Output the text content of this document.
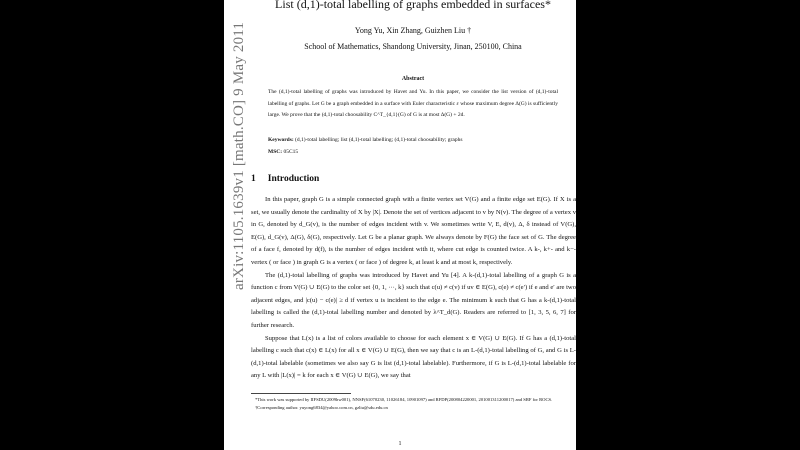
arXiv:1105.1639v1 [math.CO] 9 May 2011
List (d,1)-total labelling of graphs embedded in surfaces*
Yong Yu, Xin Zhang, Guizhen Liu †
School of Mathematics, Shandong University, Jinan, 250100, China
Abstract
The (d,1)-total labelling of graphs was introduced by Havet and Yu. In this paper, we consider the list version of (d,1)-total labelling of graphs. Let G be a graph embedded in a surface with Euler characteristic ε whose maximum degree Δ(G) is sufficiently large. We prove that the (d,1)-total choosability C^T_{d,1}(G) of G is at most Δ(G) + 2d.
Keywords: (d,1)-total labelling; list (d,1)-total labelling; (d,1)-total choosability; graphs
MSC: 05C15
1 Introduction

In this paper, graph G is a simple connected graph with a finite vertex set V(G) and a finite edge set E(G). If X is a set, we usually denote the cardinality of X by |X|. Denote the set of vertices adjacent to v by N(v). The degree of a vertex v in G, denoted by d_G(v), is the number of edges incident with v. We sometimes write V, E, d(v), Δ, δ instead of V(G), E(G), d_G(v), Δ(G), δ(G), respectively. Let G be a planar graph. We always denote by F(G) the face set of G. The degree of a face f, denoted by d(f), is the number of edges incident with it, where cut edge is counted twice. A k-, k+- and k−-vertex ( or face ) in graph G is a vertex ( or face ) of degree k, at least k and at most k, respectively.

The (d,1)-total labelling of graphs was introduced by Havet and Yu [4]. A k-(d,1)-total labelling of a graph G is a function c from V(G) ∪ E(G) to the color set {0, 1, ···, k} such that c(u) ≠ c(v) if uv ∈ E(G), c(e) ≠ c(e′) if e and e′ are two adjacent edges, and |c(u) − c(e)| ≥ d if vertex u is incident to the edge e. The minimum k such that G has a k-(d,1)-total labelling is called the (d,1)-total labelling number and denoted by λ^T_d(G). Readers are referred to [1, 3, 5, 6, 7] for further research.

Suppose that L(x) is a list of colors available to choose for each element x ∈ V(G) ∪ E(G). If G has a (d,1)-total labelling c such that c(x) ∈ L(x) for all x ∈ V(G) ∪ E(G), then we say that c is an L-(d,1)-total labelling of G, and G is L-(d,1)-total labelable (sometimes we also say G is list (d,1)-total labelable). Furthermore, if G is L-(d,1)-total labelable for any L with |L(x)| = k for each x ∈ V(G) ∪ E(G), we say that

*This work was supported by IIFSDU(2009hw001), NNSF(61070230, 11026184, 10901097) and RFDP(200804220001, 201001311200017) and SRF for ROCS.

†Corresponding author. yuyong6834@yahoo.com.cn, gzliu@sdu.edu.cn

1
